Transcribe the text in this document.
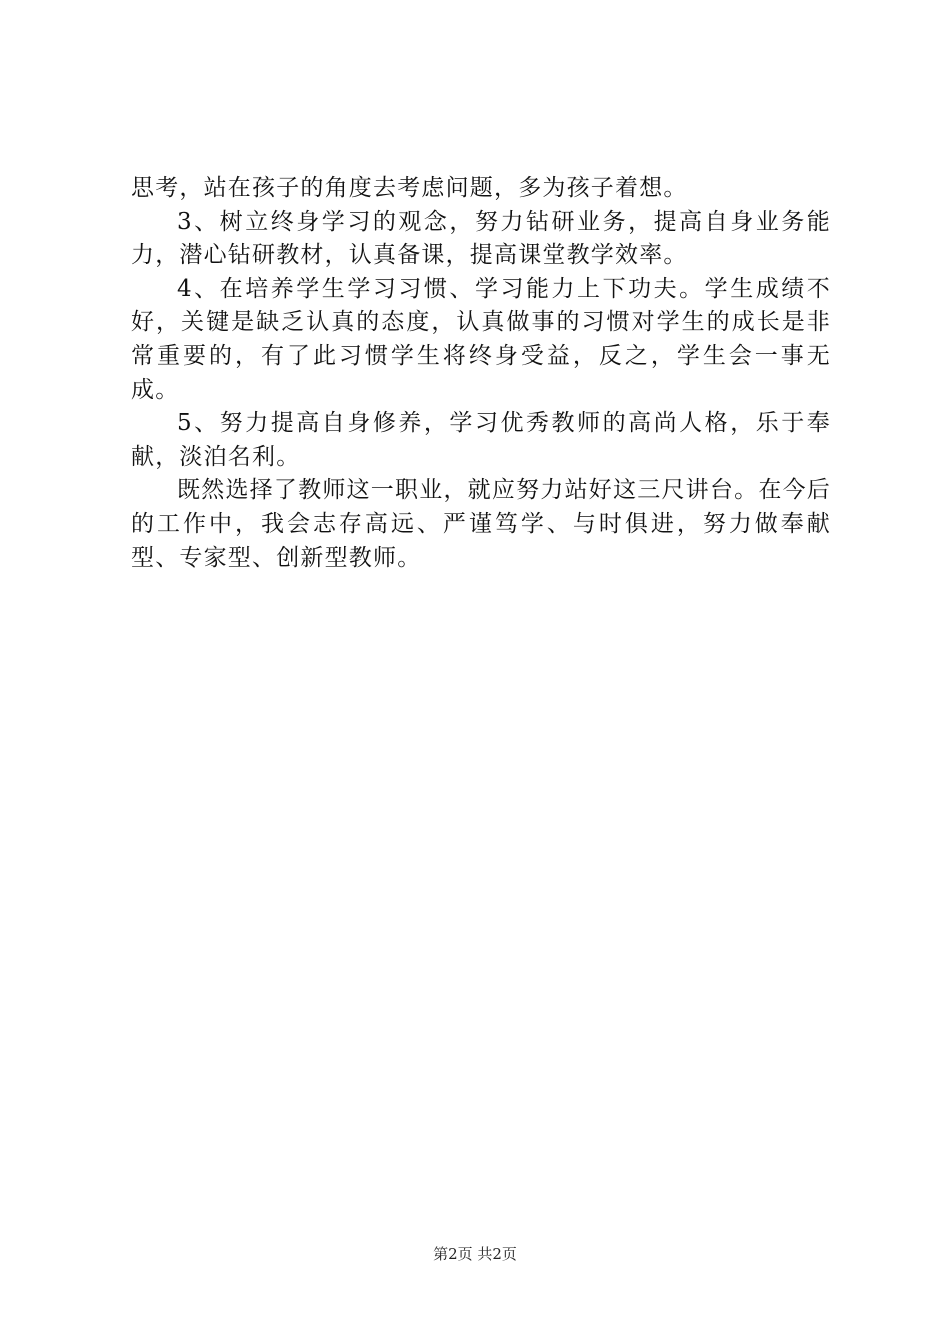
思考，站在孩子的角度去考虑问题，多为孩子着想。

3、树立终身学习的观念，努力钻研业务，提高自身业务能力，潜心钻研教材，认真备课，提高课堂教学效率。

4、在培养学生学习习惯、学习能力上下功夫。学生成绩不好，关键是缺乏认真的态度，认真做事的习惯对学生的成长是非常重要的，有了此习惯学生将终身受益，反之，学生会一事无成。

5、努力提高自身修养，学习优秀教师的高尚人格，乐于奉献，淡泊名利。

既然选择了教师这一职业，就应努力站好这三尺讲台。在今后的工作中，我会志存高远、严谨笃学、与时俱进，努力做奉献型、专家型、创新型教师。

第2页 共2页
